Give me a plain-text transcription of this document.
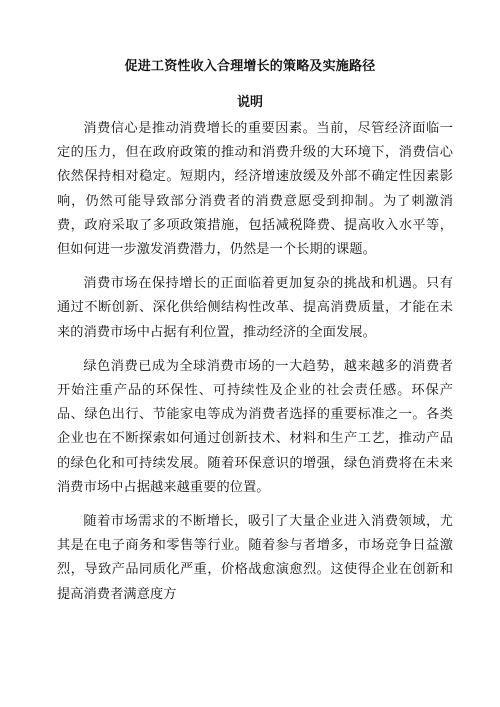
促进工资性收入合理增长的策略及实施路径
说明

消费信心是推动消费增长的重要因素。当前，尽管经济面临一定的压力，但在政府政策的推动和消费升级的大环境下，消费信心依然保持相对稳定。短期内，经济增速放缓及外部不确定性因素影响，仍然可能导致部分消费者的消费意愿受到抑制。为了刺激消费，政府采取了多项政策措施，包括减税降费、提高收入水平等，但如何进一步激发消费潜力，仍然是一个长期的课题。

消费市场在保持增长的正面临着更加复杂的挑战和机遇。只有通过不断创新、深化供给侧结构性改革、提高消费质量，才能在未来的消费市场中占据有利位置，推动经济的全面发展。

绿色消费已成为全球消费市场的一大趋势，越来越多的消费者开始注重产品的环保性、可持续性及企业的社会责任感。环保产品、绿色出行、节能家电等成为消费者选择的重要标准之一。各类企业也在不断探索如何通过创新技术、材料和生产工艺，推动产品的绿色化和可持续发展。随着环保意识的增强，绿色消费将在未来消费市场中占据越来越重要的位置。

随着市场需求的不断增长，吸引了大量企业进入消费领域，尤其是在电子商务和零售等行业。随着参与者增多，市场竞争日益激烈，导致产品同质化严重，价格战愈演愈烈。这使得企业在创新和提高消费者满意度方
